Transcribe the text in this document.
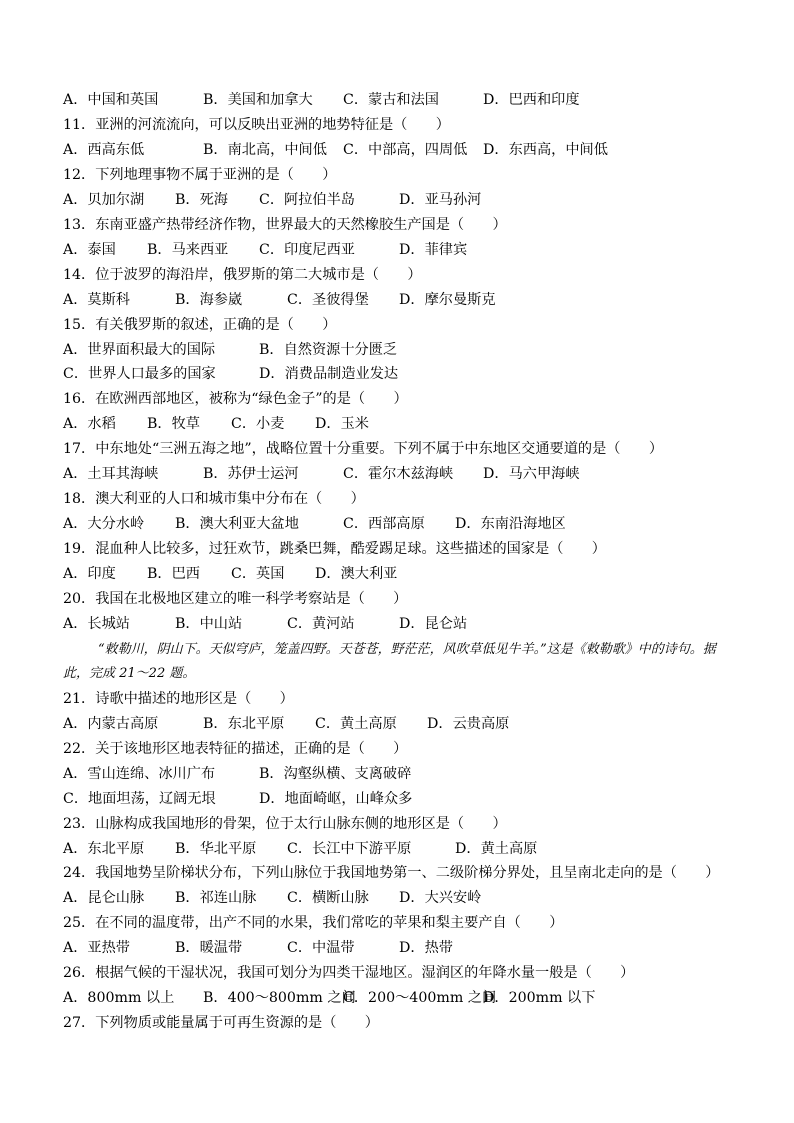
A．中国和英国	B．美国和加拿大 C．蒙古和法国	D．巴西和印度
11．亚洲的河流流向，可以反映出亚洲的地势特征是（　　）
A．西高东低	B．南北高，中间低 C．中部高，四周低 D．东西高，中间低
12．下列地理事物不属于亚洲的是（　　）
A．贝加尔湖 B．死海 C．阿拉伯半岛	D．亚马孙河
13．东南亚盛产热带经济作物，世界最大的天然橡胶生产国是（　　）
A．泰国 B．马来西亚 C．印度尼西亚	D．菲律宾
14．位于波罗的海沿岸，俄罗斯的第二大城市是（　　）
A．莫斯科	B．海参崴	C．圣彼得堡 D．摩尔曼斯克
15．有关俄罗斯的叙述，正确的是（　　）
A．世界面积最大的国际	B．自然资源十分匮乏
C．世界人口最多的国家	D．消费品制造业发达
16．在欧洲西部地区，被称为“绿色金子”的是（　　）
A．水稻 B．牧草 C．小麦 D．玉米
17．中东地处“三洲五海之地”，战略位置十分重要。下列不属于中东地区交通要道的是（　　）
A．土耳其海峡	B．苏伊士运河	C．霍尔木兹海峡 D．马六甲海峡
18．澳大利亚的人口和城市集中分布在（　　）
A．大分水岭 B．澳大利亚大盆地	C．西部高原 D．东南沿海地区
19．混血种人比较多，过狂欢节，跳桑巴舞，酷爱踢足球。这些描述的国家是（　　）
A．印度 B．巴西 C．英国 D．澳大利亚
20．我国在北极地区建立的唯一科学考察站是（　　）
A．长城站	B．中山站	C．黄河站	D．昆仑站
“敕勒川，阴山下。天似穹庐，笼盖四野。天苍苍，野茫茫，风吹草低见牛羊。”这是《敕勒歌》中的诗句。据此，完成 21～22 题。
21．诗歌中描述的地形区是（　　）
A．内蒙古高原	B．东北平原 C．黄土高原 D．云贵高原
22．关于该地形区地表特征的描述，正确的是（　　）
A．雪山连绵、冰川广布	B．沟壑纵横、支离破碎
C．地面坦荡，辽阔无垠	D．地面崎岖，山峰众多
23．山脉构成我国地形的骨架，位于太行山脉东侧的地形区是（　　）
A．东北平原 B．华北平原 C．长江中下游平原	D．黄土高原
24．我国地势呈阶梯状分布，下列山脉位于我国地势第一、二级阶梯分界处，且呈南北走向的是（　　）
A．昆仑山脉 B．祁连山脉 C．横断山脉 D．大兴安岭
25．在不同的温度带，出产不同的水果，我们常吃的苹果和梨主要产自（　　）
A．亚热带	B．暖温带	C．中温带	D．热带
26．根据气候的干湿状况，我国可划分为四类干湿地区。湿润区的年降水量一般是（　　）
A．800mm 以上 B．400～800mm 之间
C．200～400mm 之间
D．200mm 以下
27．下列物质或能量属于可再生资源的是（　　）
